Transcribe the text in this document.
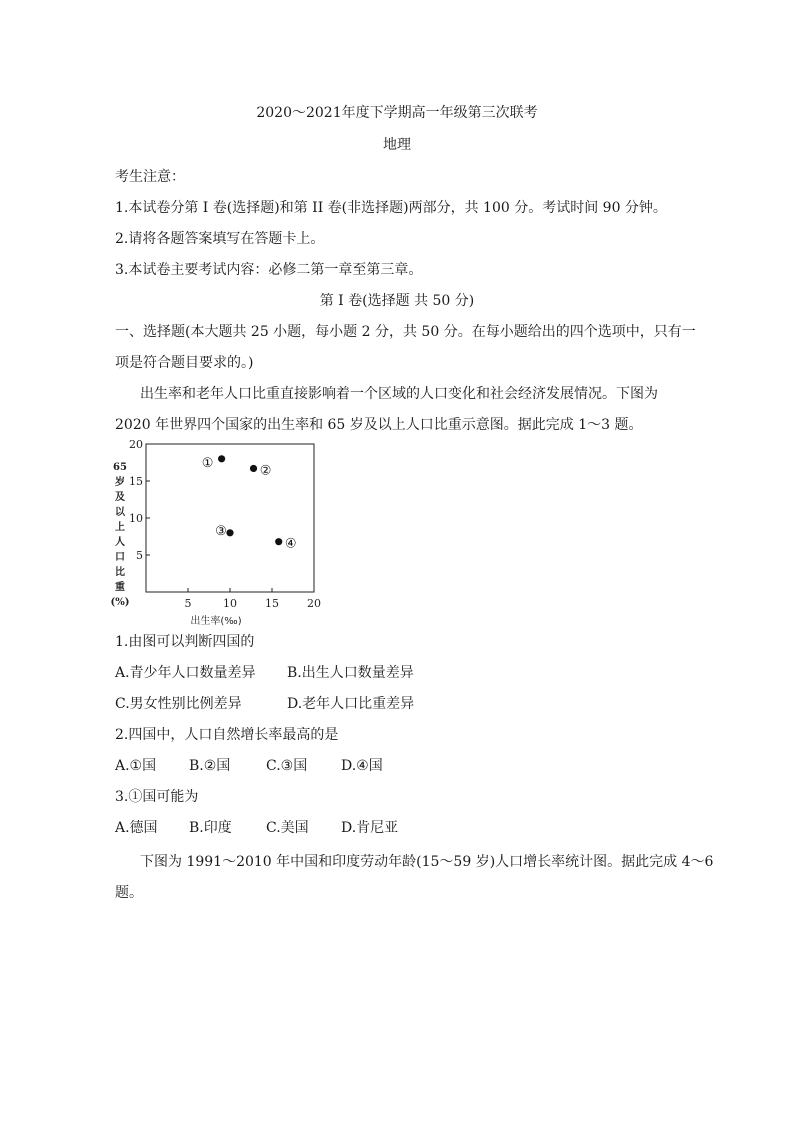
2020～2021年度下学期高一年级第三次联考
地理
考生注意：
1.本试卷分第 I 卷(选择题)和第 II 卷(非选择题)两部分，共 100 分。考试时间 90 分钟。
2.请将各题答案填写在答题卡上。
3.本试卷主要考试内容：必修二第一章至第三章。
第 I 卷(选择题 共 50 分)
一、选择题(本大题共 25 小题，每小题 2 分，共 50 分。在每小题给出的四个选项中，只有一
项是符合题目要求的。)
出生率和老年人口比重直接影响着一个区域的人口变化和社会经济发展情况。下图为
2020 年世界四个国家的出生率和 65 岁及以上人口比重示意图。据此完成 1～3 题。
20
15
10
5
5	10	15	20
①
②
③
④
65
岁
及
以
上
人
口
比
重
(%)
出生率(‰)
1.由图可以判断四国的
A.青少年人口数量差异 B.出生人口数量差异
C.男女性别比例差异	D.老年人口比重差异
2.四国中，人口自然增长率最高的是
A.①国 B.②国	C.③国 D.④国
3.①国可能为
A.德国 B.印度 C.美国 D.肯尼亚
下图为 1991～2010 年中国和印度劳动年龄(15～59 岁)人口增长率统计图。据此完成 4～6
题。
